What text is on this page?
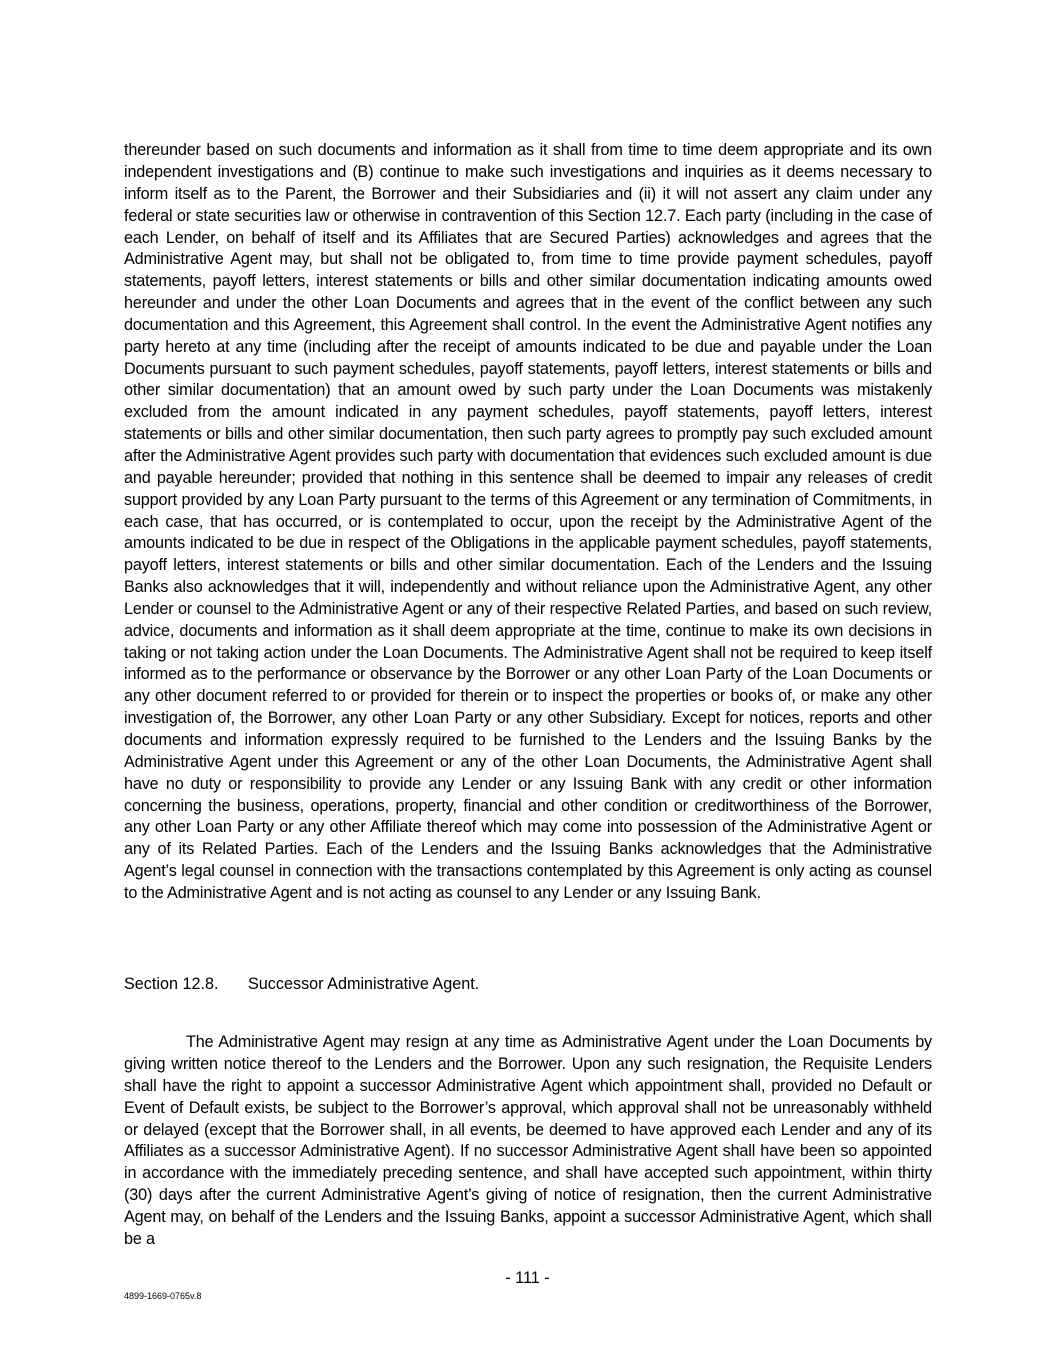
thereunder based on such documents and information as it shall from time to time deem appropriate and its own independent investigations and (B) continue to make such investigations and inquiries as it deems necessary to inform itself as to the Parent, the Borrower and their Subsidiaries and (ii) it will not assert any claim under any federal or state securities law or otherwise in contravention of this Section 12.7. Each party (including in the case of each Lender, on behalf of itself and its Affiliates that are Secured Parties) acknowledges and agrees that the Administrative Agent may, but shall not be obligated to, from time to time provide payment schedules, payoff statements, payoff letters, interest statements or bills and other similar documentation indicating amounts owed hereunder and under the other Loan Documents and agrees that in the event of the conflict between any such documentation and this Agreement, this Agreement shall control. In the event the Administrative Agent notifies any party hereto at any time (including after the receipt of amounts indicated to be due and payable under the Loan Documents pursuant to such payment schedules, payoff statements, payoff letters, interest statements or bills and other similar documentation) that an amount owed by such party under the Loan Documents was mistakenly excluded from the amount indicated in any payment schedules, payoff statements, payoff letters, interest statements or bills and other similar documentation, then such party agrees to promptly pay such excluded amount after the Administrative Agent provides such party with documentation that evidences such excluded amount is due and payable hereunder; provided that nothing in this sentence shall be deemed to impair any releases of credit support provided by any Loan Party pursuant to the terms of this Agreement or any termination of Commitments, in each case, that has occurred, or is contemplated to occur, upon the receipt by the Administrative Agent of the amounts indicated to be due in respect of the Obligations in the applicable payment schedules, payoff statements, payoff letters, interest statements or bills and other similar documentation. Each of the Lenders and the Issuing Banks also acknowledges that it will, independently and without reliance upon the Administrative Agent, any other Lender or counsel to the Administrative Agent or any of their respective Related Parties, and based on such review, advice, documents and information as it shall deem appropriate at the time, continue to make its own decisions in taking or not taking action under the Loan Documents. The Administrative Agent shall not be required to keep itself informed as to the performance or observance by the Borrower or any other Loan Party of the Loan Documents or any other document referred to or provided for therein or to inspect the properties or books of, or make any other investigation of, the Borrower, any other Loan Party or any other Subsidiary. Except for notices, reports and other documents and information expressly required to be furnished to the Lenders and the Issuing Banks by the Administrative Agent under this Agreement or any of the other Loan Documents, the Administrative Agent shall have no duty or responsibility to provide any Lender or any Issuing Bank with any credit or other information concerning the business, operations, property, financial and other condition or creditworthiness of the Borrower, any other Loan Party or any other Affiliate thereof which may come into possession of the Administrative Agent or any of its Related Parties. Each of the Lenders and the Issuing Banks acknowledges that the Administrative Agent’s legal counsel in connection with the transactions contemplated by this Agreement is only acting as counsel to the Administrative Agent and is not acting as counsel to any Lender or any Issuing Bank.

Section 12.8. Successor Administrative Agent.

The Administrative Agent may resign at any time as Administrative Agent under the Loan Documents by giving written notice thereof to the Lenders and the Borrower. Upon any such resignation, the Requisite Lenders shall have the right to appoint a successor Administrative Agent which appointment shall, provided no Default or Event of Default exists, be subject to the Borrower’s approval, which approval shall not be unreasonably withheld or delayed (except that the Borrower shall, in all events, be deemed to have approved each Lender and any of its Affiliates as a successor Administrative Agent). If no successor Administrative Agent shall have been so appointed in accordance with the immediately preceding sentence, and shall have accepted such appointment, within thirty (30) days after the current Administrative Agent’s giving of notice of resignation, then the current Administrative Agent may, on behalf of the Lenders and the Issuing Banks, appoint a successor Administrative Agent, which shall be a

- 111 -
4899-1669-0765v.8
